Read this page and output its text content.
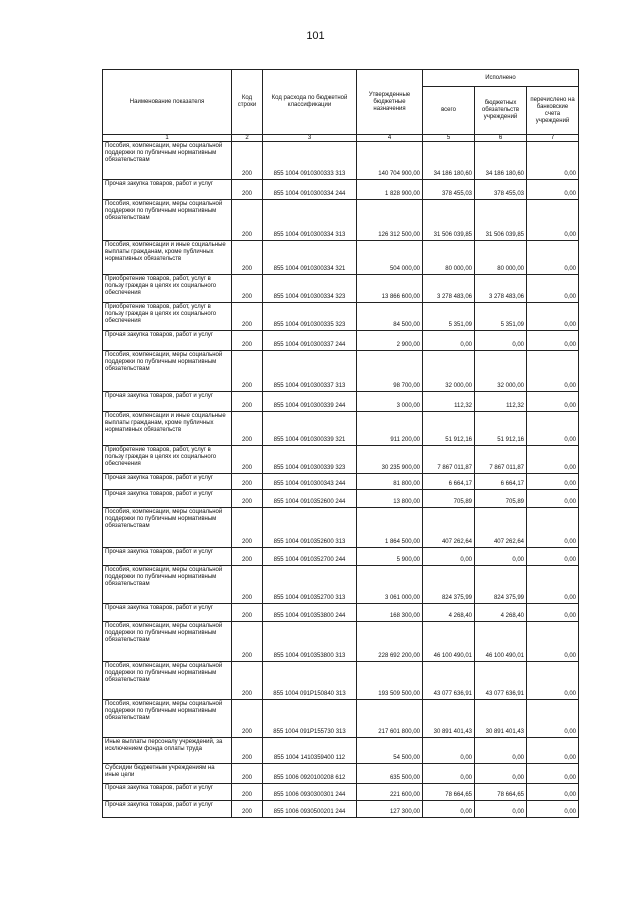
101
Наименование показателя	Код строки	Код расхода по бюджетной классификации	Утвержденные бюджетные назначения	Исполнено		
				всего	бюджетных обязательств учреждений	перечислено на банковские счета учреждений
1	2	3	4	5	6	7
Пособия, компенсации, меры социальной поддержки по публичным нормативным обязательствам	200	855 1004 0910300333 313	140 704 900,00	34 186 180,60	34 186 180,60	0,00
Прочая закупка товаров, работ и услуг	200	855 1004 0910300334 244	1 828 900,00	378 455,03	378 455,03	0,00
Пособия, компенсации, меры социальной поддержки по публичным нормативным обязательствам	200	855 1004 0910300334 313	126 312 500,00	31 506 039,85	31 506 039,85	0,00
Пособия, компенсации и иные социальные выплаты гражданам, кроме публичных нормативных обязательств	200	855 1004 0910300334 321	504 000,00	80 000,00	80 000,00	0,00
Приобретение товаров, работ, услуг в пользу граждан в целях их социального обеспечения	200	855 1004 0910300334 323	13 866 600,00	3 278 483,06	3 278 483,06	0,00
Приобретение товаров, работ, услуг в пользу граждан в целях их социального обеспечения	200	855 1004 0910300335 323	84 500,00	5 351,09	5 351,09	0,00
Прочая закупка товаров, работ и услуг	200	855 1004 0910300337 244	2 900,00	0,00	0,00	0,00
Пособия, компенсации, меры социальной поддержки по публичным нормативным обязательствам	200	855 1004 0910300337 313	98 700,00	32 000,00	32 000,00	0,00
Прочая закупка товаров, работ и услуг	200	855 1004 0910300339 244	3 000,00	112,32	112,32	0,00
Пособия, компенсации и иные социальные выплаты гражданам, кроме публичных нормативных обязательств	200	855 1004 0910300339 321	911 200,00	51 912,16	51 912,16	0,00
Приобретение товаров, работ, услуг в пользу граждан в целях их социального обеспечения	200	855 1004 0910300339 323	30 235 900,00	7 867 011,87	7 867 011,87	0,00
Прочая закупка товаров, работ и услуг	200	855 1004 0910300343 244	81 800,00	6 664,17	6 664,17	0,00
Прочая закупка товаров, работ и услуг	200	855 1004 0910352600 244	13 800,00	705,89	705,89	0,00
Пособия, компенсации, меры социальной поддержки по публичным нормативным обязательствам	200	855 1004 0910352600 313	1 864 500,00	407 262,64	407 262,64	0,00
Прочая закупка товаров, работ и услуг	200	855 1004 0910352700 244	5 900,00	0,00	0,00	0,00
Пособия, компенсации, меры социальной поддержки по публичным нормативным обязательствам	200	855 1004 0910352700 313	3 061 000,00	824 375,99	824 375,99	0,00
Прочая закупка товаров, работ и услуг	200	855 1004 0910353800 244	168 300,00	4 268,40	4 268,40	0,00
Пособия, компенсации, меры социальной поддержки по публичным нормативным обязательствам	200	855 1004 0910353800 313	228 692 200,00	46 100 490,01	46 100 490,01	0,00
Пособия, компенсации, меры социальной поддержки по публичным нормативным обязательствам	200	855 1004 091P150840 313	193 509 500,00	43 077 636,91	43 077 636,91	0,00
Пособия, компенсации, меры социальной поддержки по публичным нормативным обязательствам	200	855 1004 091P155730 313	217 601 800,00	30 891 401,43	30 891 401,43	0,00
Иные выплаты персоналу учреждений, за исключением фонда оплаты труда	200	855 1004 1410359400 112	54 500,00	0,00	0,00	0,00
Субсидии бюджетным учреждениям на иные цели	200	855 1006 0920100208 612	635 500,00	0,00	0,00	0,00
Прочая закупка товаров, работ и услуг	200	855 1006 0930300301 244	221 600,00	78 664,65	78 664,65	0,00
Прочая закупка товаров, работ и услуг	200	855 1006 0930500201 244	127 300,00	0,00	0,00	0,00
